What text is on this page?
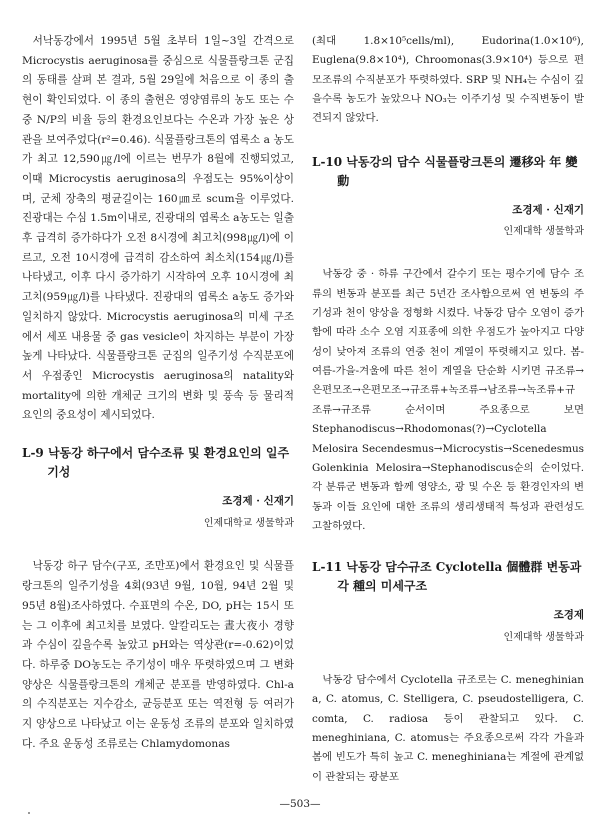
서낙동강에서 1995년 5월 초부터 1일~3일 간격으로 Microcystis aeruginosa를 중심으로 식물플랑크톤 군집의 동태를 살펴 본 결과, 5월 29일에 처음으로 이 종의 출현이 확인되었다. 이 종의 출현은 영양염류의 농도 또는 수중 N/P의 비율 등의 환경요인보다는 수온과 가장 높은 상관을 보여주었다(r²=0.46). 식물플랑크톤의 엽록소 a 농도가 최고 12,590㎍/l에 이르는 번무가 8월에 진행되었고, 이때 Microcystis aeruginosa의 우점도는 95%이상이며, 군체 장축의 평균길이는 160㎛로 scum을 이루었다. 진광대는 수심 1.5m이내로, 진광대의 엽록소 a농도는 일출 후 급격히 증가하다가 오전 8시경에 최고치(998㎍/l)에 이르고, 오전 10시경에 급격히 감소하여 최소치(154㎍/l)를 나타냈고, 이후 다시 증가하기 시작하여 오후 10시경에 최고치(959㎍/l)를 나타냈다. 진광대의 엽록소 a농도 증가와 일치하지 않았다. Microcystis aeruginosa의 미세 구조에서 세포 내용물 중 gas vesicle이 차지하는 부분이 가장 높게 나타났다. 식물플랑크톤 군집의 일주기성 수직분포에서 우점종인 Microcystis aeruginosa의 natality와 mortality에 의한 개체군 크기의 변화 및 풍속 등 물리적 요인의 중요성이 제시되었다.

L-9 낙동강 하구에서 담수조류 및 환경요인의 일주기성
조경제 · 신재기
인제대학교 생물학과

낙동강 하구 담수(구포, 조만포)에서 환경요인 및 식물플랑크톤의 일주기성을 4회(93년 9월, 10월, 94년 2월 및 95년 8월)조사하였다. 수표면의 수온, DO, pH는 15시 또는 그 이후에 최고치를 보였다. 알칼리도는 晝大夜小 경향과 수심이 깊을수록 높았고 pH와는 역상관(r=-0.62)이었다. 하루중 DO농도는 주기성이 매우 뚜렷하였으며 그 변화양상은 식물플랑크톤의 개체군 분포를 반영하였다. Chl-a의 수직분포는 지수감소, 균등분포 또는 역전형 등 여러가지 양상으로 나타났고 이는 운동성 조류의 분포와 일치하였다. 주요 운동성 조류로는 Chlamydomonas

(최대 1.8×10⁵cells/ml), Eudorina(1.0×10⁶), Euglena(9.8×10⁴), Chroomonas(3.9×10⁴) 등으로 편모조류의 수직분포가 뚜렷하였다. SRP 및 NH₄는 수심이 깊을수록 농도가 높았으나 NO₃는 이주기성 및 수직변동이 발견되지 않았다.

L-10 낙동강의 담수 식물플랑크톤의 遷移와 年 變動
조경제 · 신재기
인제대학 생물학과

낙동강 중 · 하류 구간에서 갈수기 또는 평수기에 담수 조류의 변동과 분포를 최근 5년간 조사함으로써 연 변동의 주기성과 천이 양상을 정형화 시켰다. 낙동강 담수 오염이 증가함에 따라 소수 오염 지표종에 의한 우점도가 높아지고 다양성이 낮아져 조류의 연중 천이 계열이 뚜렷해지고 있다. 봄-여름-가을-겨울에 따른 천이 계열을 단순화 시키면 규조류→은편모조→은편모조→규조류+녹조류→남조류→녹조류+규조류→규조류 순서이며 주요종으로 보면 Stephanodiscus→Rhodomonas(?)→Cyclotella Melosira Secendesmus→Microcystis→Scenedesmus Golenkinia Melosira→Stephanodiscus순의 순이었다. 각 분류군 변동과 함께 영양소, 광 및 수온 등 환경인자의 변동과 이들 요인에 대한 조류의 생리생태적 특성과 관련성도 고찰하였다.

L-11 낙동강 담수규조 Cyclotella 個體群 변동과 각 種의 미세구조
조경제
인제대학 생물학과

낙동강 담수에서 Cyclotella 규조로는 C. meneghinian a, C. atomus, C. Stelligera, C. pseudostelligera, C. comta, C. radiosa 등이 관찰되고 있다. C. meneghiniana, C. atomus는 주요종으로써 각각 가을과 봄에 빈도가 특히 높고 C. meneghiniana는 계절에 관계없이 관찰되는 광분포

—503—
